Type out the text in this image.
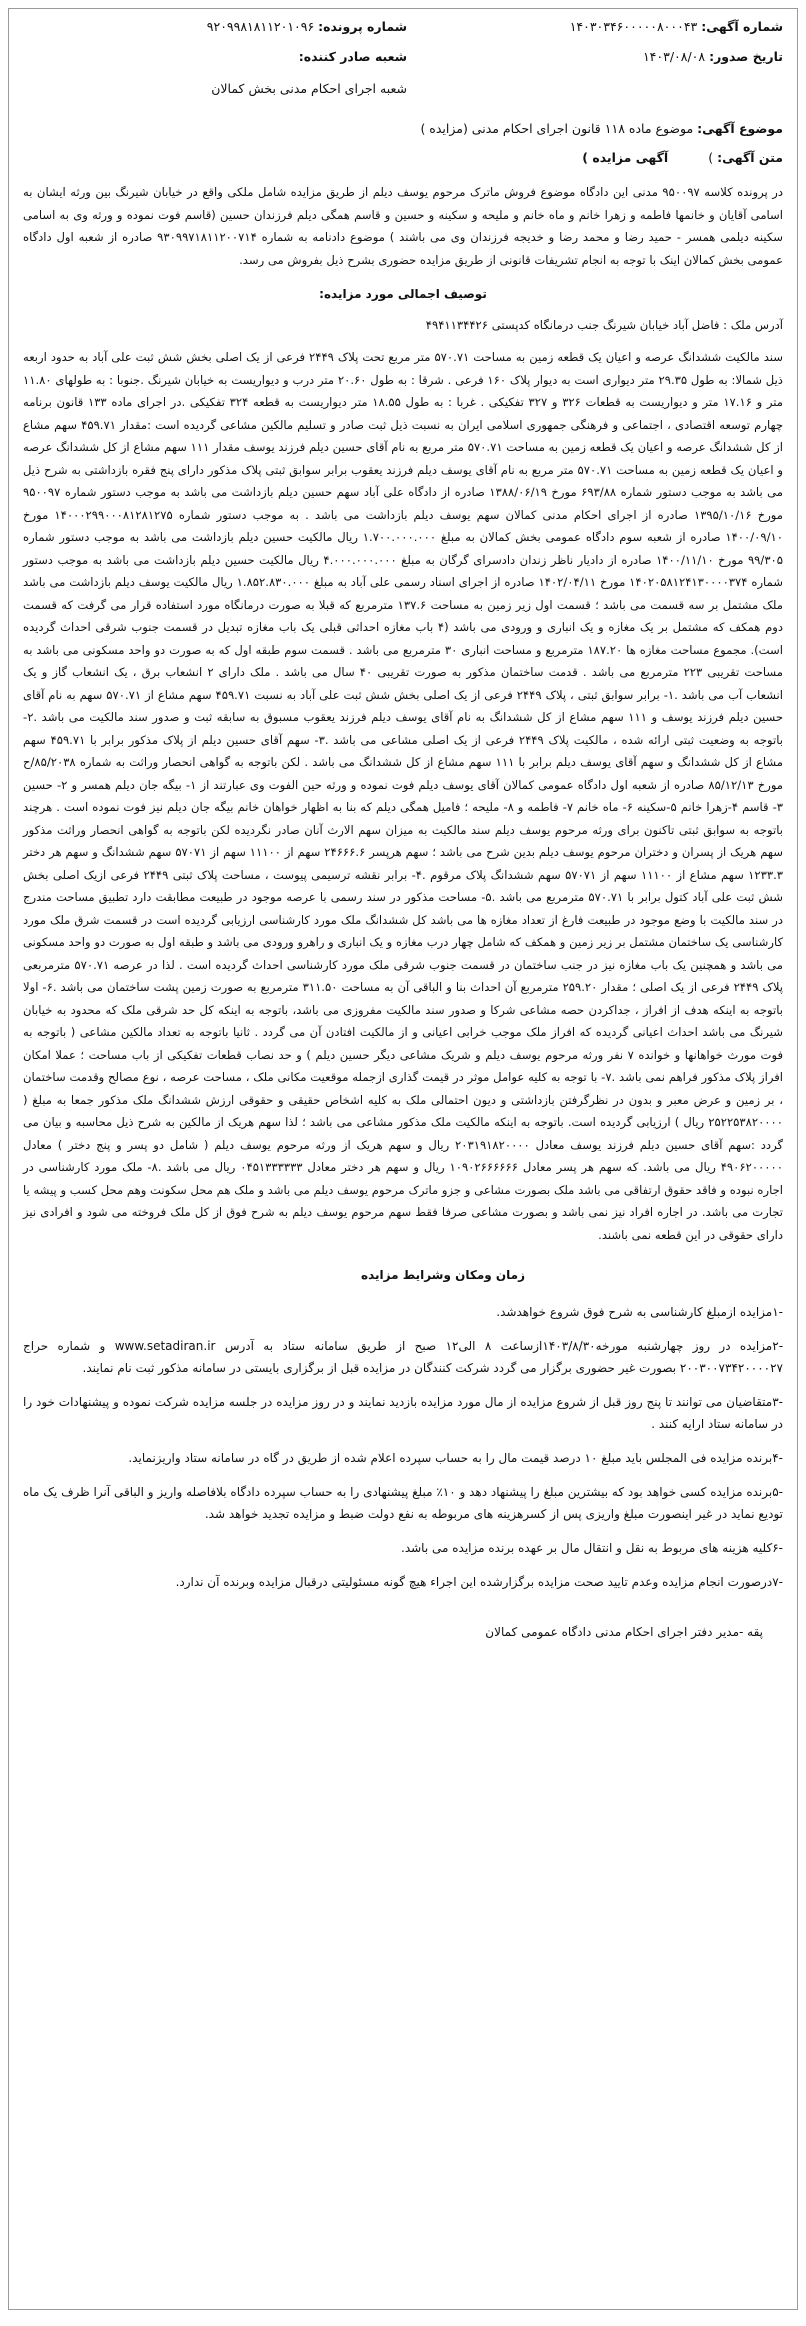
شماره آگهی: ۱۴۰۳۰۳۴۶۰۰۰۰۰۸۰۰۰۴۳
شماره پرونده: ۹۲۰۹۹۸۱۸۱۱۲۰۱۰۹۶
تاریخ صدور: ۱۴۰۳/۰۸/۰۸
شعبه صادر کننده:
شعبه اجرای احکام مدنی بخش کمالان
موضوع آگهی: موضوع ماده ۱۱۸ قانون اجرای احکام مدنی (مزایده )
متن آگهی: )
آگهی مزایده )

در پرونده کلاسه ۹۵۰۰۹۷ مدنی این دادگاه موضوع فروش ماترک مرحوم یوسف دیلم از طریق مزایده شامل ملکی واقع در خیابان شیرنگ بین ورثه ایشان به اسامی آقایان و خانمها فاطمه و زهرا خانم و ماه خانم و ملیحه و سکینه و حسین و قاسم همگی دیلم فرزندان حسین (قاسم فوت نموده و ورثه وی به اسامی سکینه دیلمی همسر - حمید رضا و محمد رضا و خدیجه فرزندان وی می باشند ) موضوع دادنامه به شماره ۹۳۰۹۹۷۱۸۱۱۲۰۰۷۱۴ صادره از شعبه اول دادگاه عمومی بخش کمالان اینک با توجه به انجام تشریفات قانونی از طریق مزایده حضوری بشرح ذیل بفروش می رسد.

توصیف اجمالی مورد مزایده:

آدرس ملک : فاضل آباد خیابان شیرنگ جنب درمانگاه کدپستی ۴۹۴۱۱۳۴۴۲۶

سند مالکیت ششدانگ عرصه و اعیان یک قطعه زمین به مساحت ۵۷۰.۷۱ متر مربع تحت پلاک ۲۴۴۹ فرعی از یک اصلی بخش شش ثبت علی آباد به حدود اربعه ذیل شمالا: به طول ۲۹.۳۵ متر دیواری است به دیوار پلاک ۱۶۰ فرعی . شرقا : به طول ۲۰.۶۰ متر درب و دیواریست به خیابان شیرنگ .جنوبا : به طولهای ۱۱.۸۰ متر و ۱۷.۱۶ متر و دیواریست به قطعات ۳۲۶ و ۳۲۷ تفکیکی . غربا : به طول ۱۸.۵۵ متر دیواریست به قطعه ۳۲۴ تفکیکی .در اجرای ماده ۱۳۳ قانون برنامه چهارم توسعه اقتصادی ، اجتماعی و فرهنگی جمهوری اسلامی ایران به نسبت ذیل ثبت صادر و تسلیم مالکین مشاعی گردیده است :مقدار ۴۵۹.۷۱ سهم مشاع از کل ششدانگ عرصه و اعیان یک قطعه زمین به مساحت ۵۷۰.۷۱ متر مربع به نام آقای حسین دیلم فرزند یوسف مقدار ۱۱۱ سهم مشاع از کل ششدانگ عرصه و اعیان یک قطعه زمین به مساحت ۵۷۰.۷۱ متر مربع به نام آقای یوسف دیلم فرزند یعقوب برابر سوابق ثبتی پلاک مذکور دارای پنج فقره بازداشتی به شرح ذیل می باشد به موجب دستور شماره ۶۹۳/۸۸ مورخ ۱۳۸۸/۰۶/۱۹ صادره از دادگاه علی آباد سهم حسین دیلم بازداشت می باشد به موجب دستور شماره ۹۵۰۰۹۷ مورخ ۱۳۹۵/۱۰/۱۶ صادره از اجرای احکام مدنی کمالان سهم یوسف دیلم بازداشت می باشد . به موجب دستور شماره ۱۴۰۰۰۲۹۹۰۰۰۸۱۲۸۱۲۷۵ مورخ ۱۴۰۰/۰۹/۱۰ صادره از شعبه سوم دادگاه عمومی بخش کمالان به مبلغ ۱.۷۰۰.۰۰۰.۰۰۰ ریال مالکیت حسین دیلم بازداشت می باشد به موجب دستور شماره ۹۹/۳۰۵ مورخ ۱۴۰۰/۱۱/۱۰ صادره از دادیار ناظر زندان دادسرای گرگان به مبلغ ۴.۰۰۰.۰۰۰.۰۰۰ ریال مالکیت حسین دیلم بازداشت می باشد به موجب دستور شماره ۱۴۰۲۰۵۸۱۲۴۱۳۰۰۰۰۳۷۴ مورخ ۱۴۰۲/۰۴/۱۱ صادره از اجرای اسناد رسمی علی آباد به مبلغ ۱.۸۵۲.۸۳۰.۰۰۰ ریال مالکیت یوسف دیلم بازداشت می باشد ملک مشتمل بر سه قسمت می باشد ؛ قسمت اول زیر زمین به مساحت ۱۳۷.۶ مترمربع که قبلا به صورت درمانگاه مورد استفاده قرار می گرفت که قسمت دوم همکف که مشتمل بر یک مغازه و یک انباری و ورودی می باشد (۴ باب مغازه احداثی قبلی یک باب مغازه تبدیل در قسمت جنوب شرقی احداث گردیده است). مجموع مساحت مغازه ها ۱۸۷.۲۰ مترمربع و مساحت انباری ۳۰ مترمربع می باشد . قسمت سوم طبقه اول که به صورت دو واحد مسکونی می باشد به مساحت تقریبی ۲۲۳ مترمربع می باشد . قدمت ساختمان مذکور به صورت تقریبی ۴۰ سال می باشد . ملک دارای ۲ انشعاب برق ، یک انشعاب گاز و یک انشعاب آب می باشد .۱- برابر سوابق ثبتی ، پلاک ۲۴۴۹ فرعی از یک اصلی بخش شش ثبت علی آباد به نسبت ۴۵۹.۷۱ سهم مشاع از ۵۷۰.۷۱ سهم به نام آقای حسین دیلم فرزند یوسف و ۱۱۱ سهم مشاع از کل ششدانگ به نام آقای یوسف دیلم فرزند یعقوب مسبوق به سابقه ثبت و صدور سند مالکیت می باشد .۲- باتوجه به وضعیت ثبتی ارائه شده ، مالکیت پلاک ۲۴۴۹ فرعی از یک اصلی مشاعی می باشد .۳- سهم آقای حسین دیلم از پلاک مذکور برابر با ۴۵۹.۷۱ سهم مشاع از کل ششدانگ و سهم آقای یوسف دیلم برابر با ۱۱۱ سهم مشاع از کل ششدانگ می باشد . لکن باتوجه به گواهی انحصار وراثت به شماره ۸۵/۲۰۳۸/ح مورخ ۸۵/۱۲/۱۳ صادره از شعبه اول دادگاه عمومی کمالان آقای یوسف دیلم فوت نموده و ورثه حین الفوت وی عبارتند از ۱- بیگه جان دیلم همسر و ۲- حسین ۳- قاسم ۴-زهرا خانم ۵-سکینه ۶- ماه خانم ۷- فاطمه و ۸- ملیحه ؛ فامیل همگی دیلم که بنا به اظهار خواهان خانم بیگه جان دیلم نیز فوت نموده است . هرچند باتوجه به سوابق ثبتی تاکنون برای ورثه مرحوم یوسف دیلم سند مالکیت به میزان سهم الارث آنان صادر نگردیده لکن باتوجه به گواهی انحصار وراثت مذکور سهم هریک از پسران و دختران مرحوم یوسف دیلم بدین شرح می باشد ؛ سهم هرپسر ۲۴۶۶۶.۶ سهم از ۱۱۱۰۰ سهم از ۵۷۰۷۱ سهم ششدانگ و سهم هر دختر ۱۲۳۳.۳ سهم مشاع از ۱۱۱۰۰ سهم از ۵۷۰۷۱ سهم ششدانگ پلاک مرقوم .۴- برابر نقشه ترسیمی پیوست ، مساحت پلاک ثبتی ۲۴۴۹ فرعی ازیک اصلی بخش شش ثبت علی آباد کتول برابر با ۵۷۰.۷۱ مترمربع می باشد .۵- مساحت مذکور در سند رسمی با عرصه موجود در طبیعت مطابقت دارد تطبیق مساحت مندرج در سند مالکیت با وضع موجود در طبیعت فارغ از تعداد مغازه ها می باشد کل ششدانگ ملک مورد کارشناسی ارزیابی گردیده است در قسمت شرق ملک مورد کارشناسی یک ساختمان مشتمل بر زیر زمین و همکف که شامل چهار درب مغازه و یک انباری و راهرو ورودی می باشد و طبقه اول به صورت دو واحد مسکونی می باشد و همچنین یک باب مغازه نیز در جنب ساختمان در قسمت جنوب شرقی ملک مورد کارشناسی احداث گردیده است . لذا در عرصه ۵۷۰.۷۱ مترمربعی پلاک ۲۴۴۹ فرعی از یک اصلی ؛ مقدار ۲۵۹.۲۰ مترمربع آن احداث بنا و الباقی آن به مساحت ۳۱۱.۵۰ مترمربع به صورت زمین پشت ساختمان می باشد .۶- اولا باتوجه به اینکه هدف از افراز ، جداکردن حصه مشاعی شرکا و صدور سند مالکیت مفروزی می باشد، باتوجه به اینکه کل حد شرقی ملک که محدود به خیابان شیرنگ می باشد احداث اعیانی گردیده که افراز ملک موجب خرابی اعیانی و از مالکیت افتادن آن می گردد . ثانیا باتوجه به تعداد مالکین مشاعی ( باتوجه به فوت مورث خواهانها و خوانده ۷ نفر ورثه مرحوم یوسف دیلم و شریک مشاعی دیگر حسین دیلم ) و حد نصاب قطعات تفکیکی از باب مساحت ؛ عملا امکان افراز پلاک مذکور فراهم نمی باشد .۷- با توجه به کلیه عوامل موثر در قیمت گذاری ازجمله موقعیت مکانی ملک ، مساحت عرصه ، نوع مصالح وقدمت ساختمان ، بر زمین و عرض معبر و بدون در نظرگرفتن بازداشتی و دیون احتمالی ملک به کلیه اشخاص حقیقی و حقوقی ارزش ششدانگ ملک مذکور جمعا به مبلغ ( ۲۵۲۲۵۳۸۲۰۰۰۰ ریال ) ارزیابی گردیده است. باتوجه به اینکه مالکیت ملک مذکور مشاعی می باشد ؛ لذا سهم هریک از مالکین به شرح ذیل محاسبه و بیان می گردد :سهم آقای حسین دیلم فرزند یوسف معادل ۲۰۳۱۹۱۸۲۰۰۰۰ ریال و سهم هریک از ورثه مرحوم یوسف دیلم ( شامل دو پسر و پنج دختر ) معادل ۴۹۰۶۲۰۰۰۰۰ ریال می باشد. که سهم هر پسر معادل ۱۰۹۰۲۶۶۶۶۶۶ ریال و سهم هر دختر معادل ۰۴۵۱۳۳۳۳۳۳ ریال می باشد .۸- ملک مورد کارشناسی در اجاره نبوده و فاقد حقوق ارتفاقی می باشد ملک بصورت مشاعی و جزو ماترک مرحوم یوسف دیلم می باشد و ملک هم محل سکونت وهم محل کسب و پیشه یا تجارت می باشد. در اجاره افراد نیز نمی باشد و بصورت مشاعی صرفا فقط سهم مرحوم یوسف دیلم به شرح فوق از کل ملک فروخته می شود و افرادی نیز دارای حقوقی در این قطعه نمی باشند.

زمان ومکان وشرایط مزایده
-۱مزایده ازمبلغ کارشناسی به شرح فوق شروع خواهدشد.
-۲مزایده در روز چهارشنبه مورخه۱۴۰۳/۸/۳۰ازساعت ۸ الی۱۲ صبح از طریق سامانه ستاد به آدرس www.setadiran.ir و شماره حراج ۲۰۰۳۰۰۷۳۴۲۰۰۰۰۲۷ بصورت غیر حضوری برگزار می گردد شرکت کنندگان در مزایده قبل از برگزاری بایستی در سامانه مذکور ثبت نام نمایند.
-۳متقاضیان می توانند تا پنج روز قبل از شروع مزایده از مال مورد مزایده بازدید نمایند و در روز مزایده در جلسه مزایده شرکت نموده و پیشنهادات خود را در سامانه ستاد ارایه کنند .
-۴برنده مزایده فی المجلس باید مبلغ ۱۰ درصد قیمت مال را به حساب سپرده اعلام شده از طریق در گاه در سامانه ستاد واریزنماید.
-۵برنده مزایده کسی خواهد بود که بیشترین مبلغ را پیشنهاد دهد و ۱۰٪ مبلغ پیشنهادی را به حساب سپرده دادگاه بلافاصله واریز و الباقی آنرا ظرف یک ماه تودیع نماید در غیر اینصورت مبلغ واریزی پس از کسرهزینه های مربوطه به نفع دولت ضبط و مزایده تجدید خواهد شد.
-۶کلیه هزینه های مربوط به نقل و انتقال مال بر عهده برنده مزایده می باشد.
-۷درصورت انجام مزایده وعدم تایید صحت مزایده برگزارشده این اجراء هیچ گونه مسئولیتی درقبال مزایده وبرنده آن ندارد.
پقه -مدیر دفتر اجرای احکام مدنی دادگاه عمومی کمالان
